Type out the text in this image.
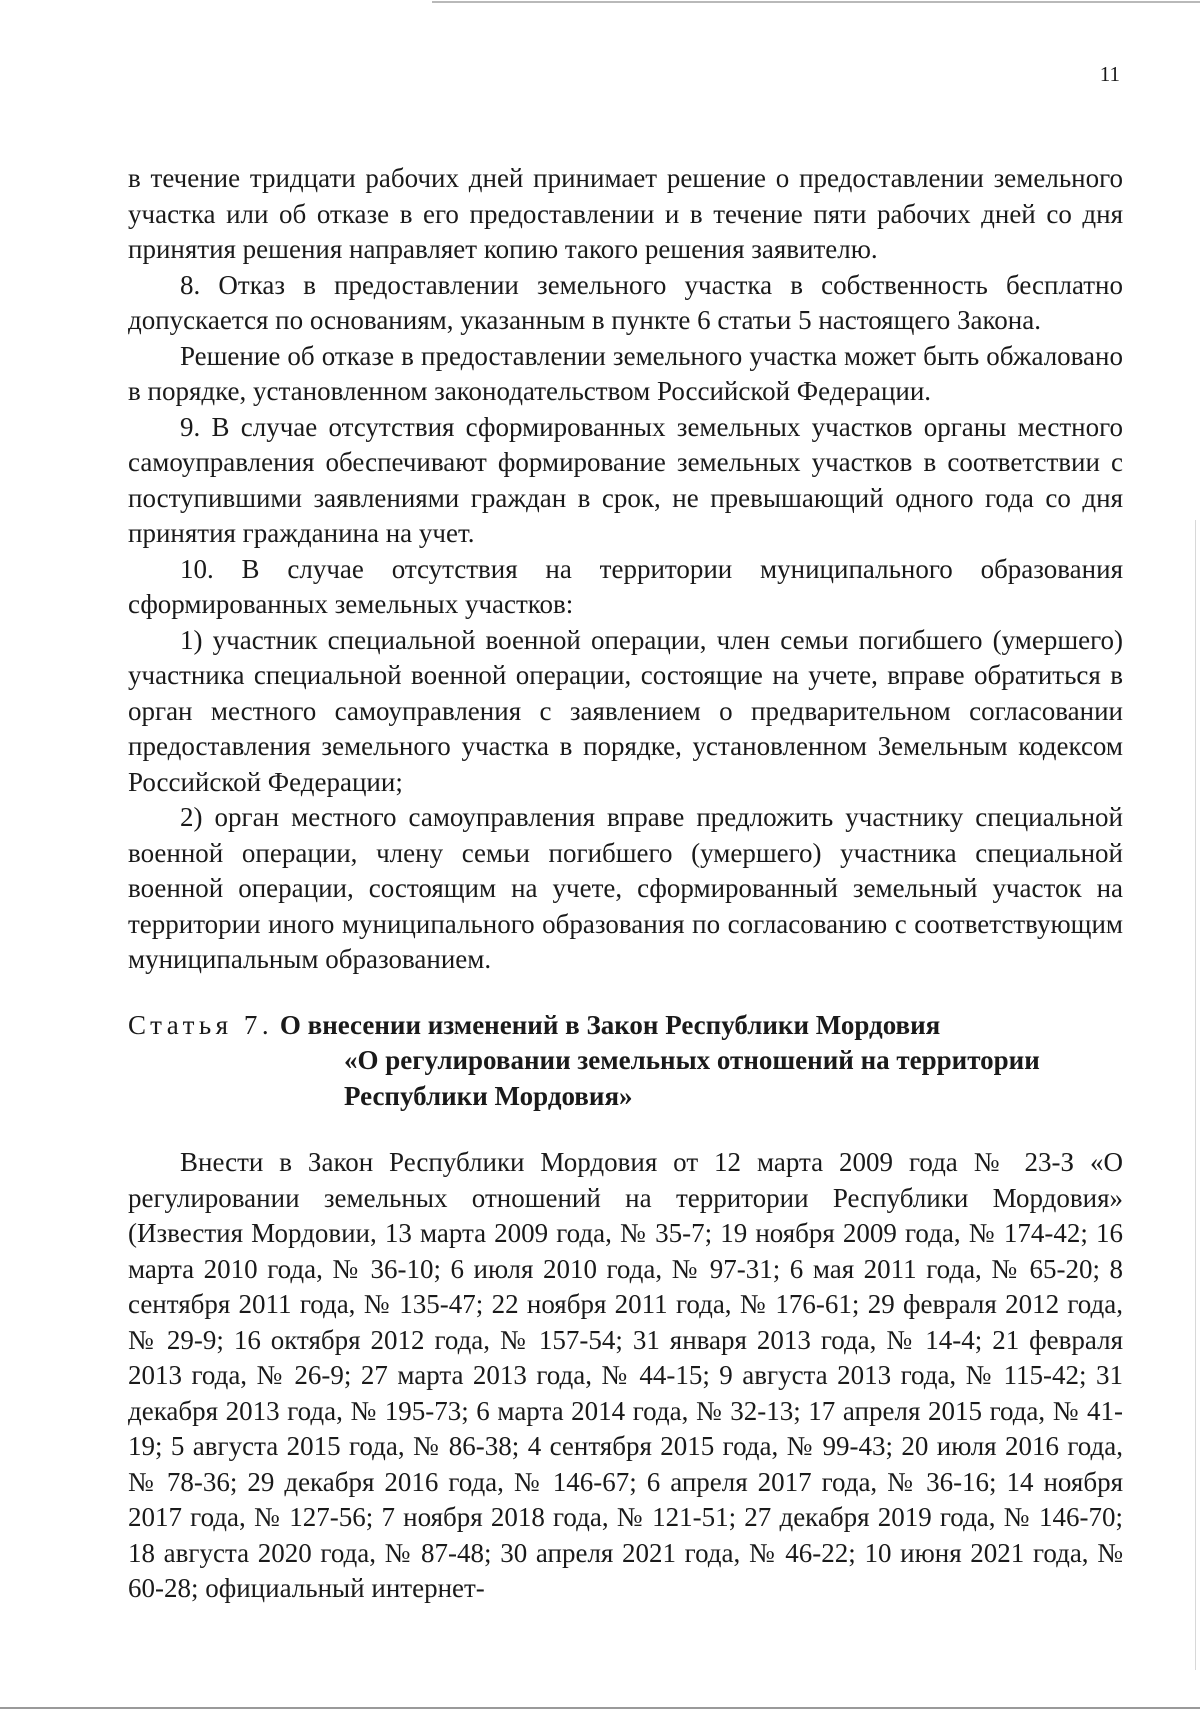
11

в течение тридцати рабочих дней принимает решение о предоставлении земельного участка или об отказе в его предоставлении и в течение пяти рабочих дней со дня принятия решения направляет копию такого решения заявителю.

8. Отказ в предоставлении земельного участка в собственность бесплатно допускается по основаниям, указанным в пункте 6 статьи 5 настоящего Закона.

Решение об отказе в предоставлении земельного участка может быть обжаловано в порядке, установленном законодательством Российской Федерации.

9. В случае отсутствия сформированных земельных участков органы местного самоуправления обеспечивают формирование земельных участков в соответствии с поступившими заявлениями граждан в срок, не превышающий одного года со дня принятия гражданина на учет.

10. В случае отсутствия на территории муниципального образования сформированных земельных участков:

1) участник специальной военной операции, член семьи погибшего (умершего) участника специальной военной операции, состоящие на учете, вправе обратиться в орган местного самоуправления с заявлением о предварительном согласовании предоставления земельного участка в порядке, установленном Земельным кодексом Российской Федерации;

2) орган местного самоуправления вправе предложить участнику специальной военной операции, члену семьи погибшего (умершего) участника специальной военной операции, состоящим на учете, сформированный земельный участок на территории иного муниципального образования по согласованию с соответствующим муниципальным образованием.

Статья 7. О внесении изменений в Закон Республики Мордовия
«О регулировании земельных отношений на территории
Республики Мордовия»

Внести в Закон Республики Мордовия от 12 марта 2009 года № 23-З «О регулировании земельных отношений на территории Республики Мордовия» (Известия Мордовии, 13 марта 2009 года, № 35-7; 19 ноября 2009 года, № 174-42; 16 марта 2010 года, № 36-10; 6 июля 2010 года, № 97-31; 6 мая 2011 года, № 65-20; 8 сентября 2011 года, № 135-47; 22 ноября 2011 года, № 176-61; 29 февраля 2012 года, № 29-9; 16 октября 2012 года, № 157-54; 31 января 2013 года, № 14-4; 21 февраля 2013 года, № 26-9; 27 марта 2013 года, № 44-15; 9 августа 2013 года, № 115-42; 31 декабря 2013 года, № 195-73; 6 марта 2014 года, № 32-13; 17 апреля 2015 года, № 41-19; 5 августа 2015 года, № 86-38; 4 сентября 2015 года, № 99-43; 20 июля 2016 года, № 78-36; 29 декабря 2016 года, № 146-67; 6 апреля 2017 года, № 36-16; 14 ноября 2017 года, № 127-56; 7 ноября 2018 года, № 121-51; 27 декабря 2019 года, № 146-70; 18 августа 2020 года, № 87-48; 30 апреля 2021 года, № 46-22; 10 июня 2021 года, № 60-28; официальный интернет-
